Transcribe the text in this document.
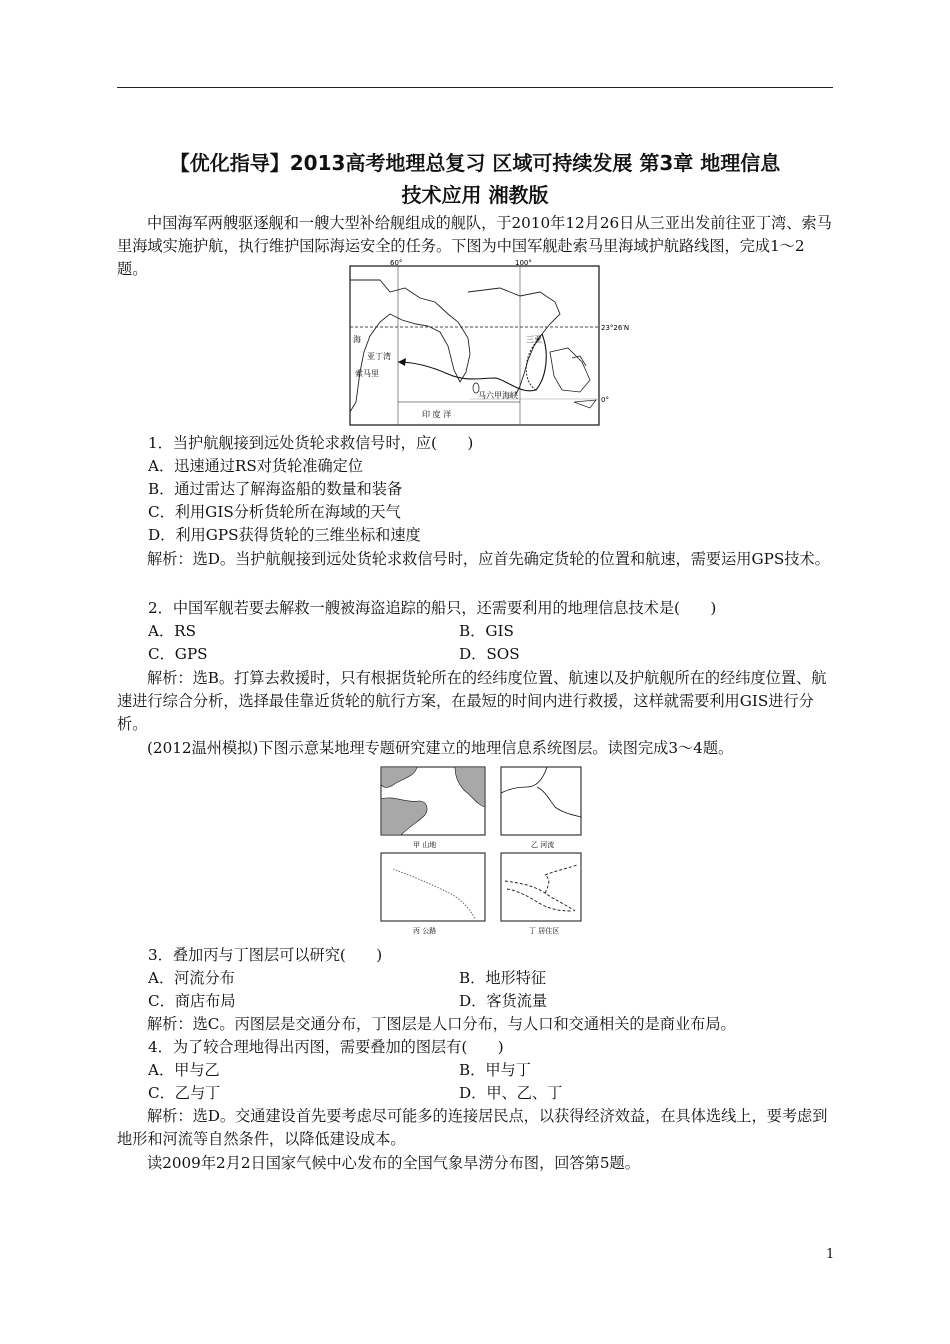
【优化指导】2013高考地理总复习 区域可持续发展 第3章 地理信息
技术应用 湘教版

中国海军两艘驱逐舰和一艘大型补给舰组成的舰队，于2010年12月26日从三亚出发前往亚丁湾、索马里海域实施护航，执行维护国际海运安全的任务。下图为中国军舰赴索马里海域护航路线图，完成1～2题。	60°	100°
23°26′N
0°
三亚
海
亚丁湾
索马里
马六甲海峡
印 度 洋
1．当护航舰接到远处货轮求救信号时，应(　　)
A．迅速通过RS对货轮准确定位
B．通过雷达了解海盗船的数量和装备
C．利用GIS分析货轮所在海域的天气
D．利用GPS获得货轮的三维坐标和速度

解析：选D。当护航舰接到远处货轮求救信号时，应首先确定货轮的位置和航速，需要运用GPS技术。

2．中国军舰若要去解救一艘被海盗追踪的船只，还需要利用的地理信息技术是(　　)
A．RS	B．GIS
C．GPS	D．SOS

解析：选B。打算去救援时，只有根据货轮所在的经纬度位置、航速以及护航舰所在的经纬度位置、航速进行综合分析，选择最佳靠近货轮的航行方案，在最短的时间内进行救援，这样就需要利用GIS进行分析。

(2012温州模拟)下图示意某地理专题研究建立的地理信息系统图层。读图完成3～4题。

甲 山地	乙 河流
丙 公路	丁 居住区
3．叠加丙与丁图层可以研究(　　)
A．河流分布	B．地形特征
C．商店布局	D．客货流量

解析：选C。丙图层是交通分布，丁图层是人口分布，与人口和交通相关的是商业布局。

4．为了较合理地得出丙图，需要叠加的图层有(　　)
A．甲与乙	B．甲与丁
C．乙与丁	D．甲、乙、丁

解析：选D。交通建设首先要考虑尽可能多的连接居民点，以获得经济效益，在具体选线上，要考虑到地形和河流等自然条件，以降低建设成本。

读2009年2月2日国家气候中心发布的全国气象旱涝分布图，回答第5题。

1
